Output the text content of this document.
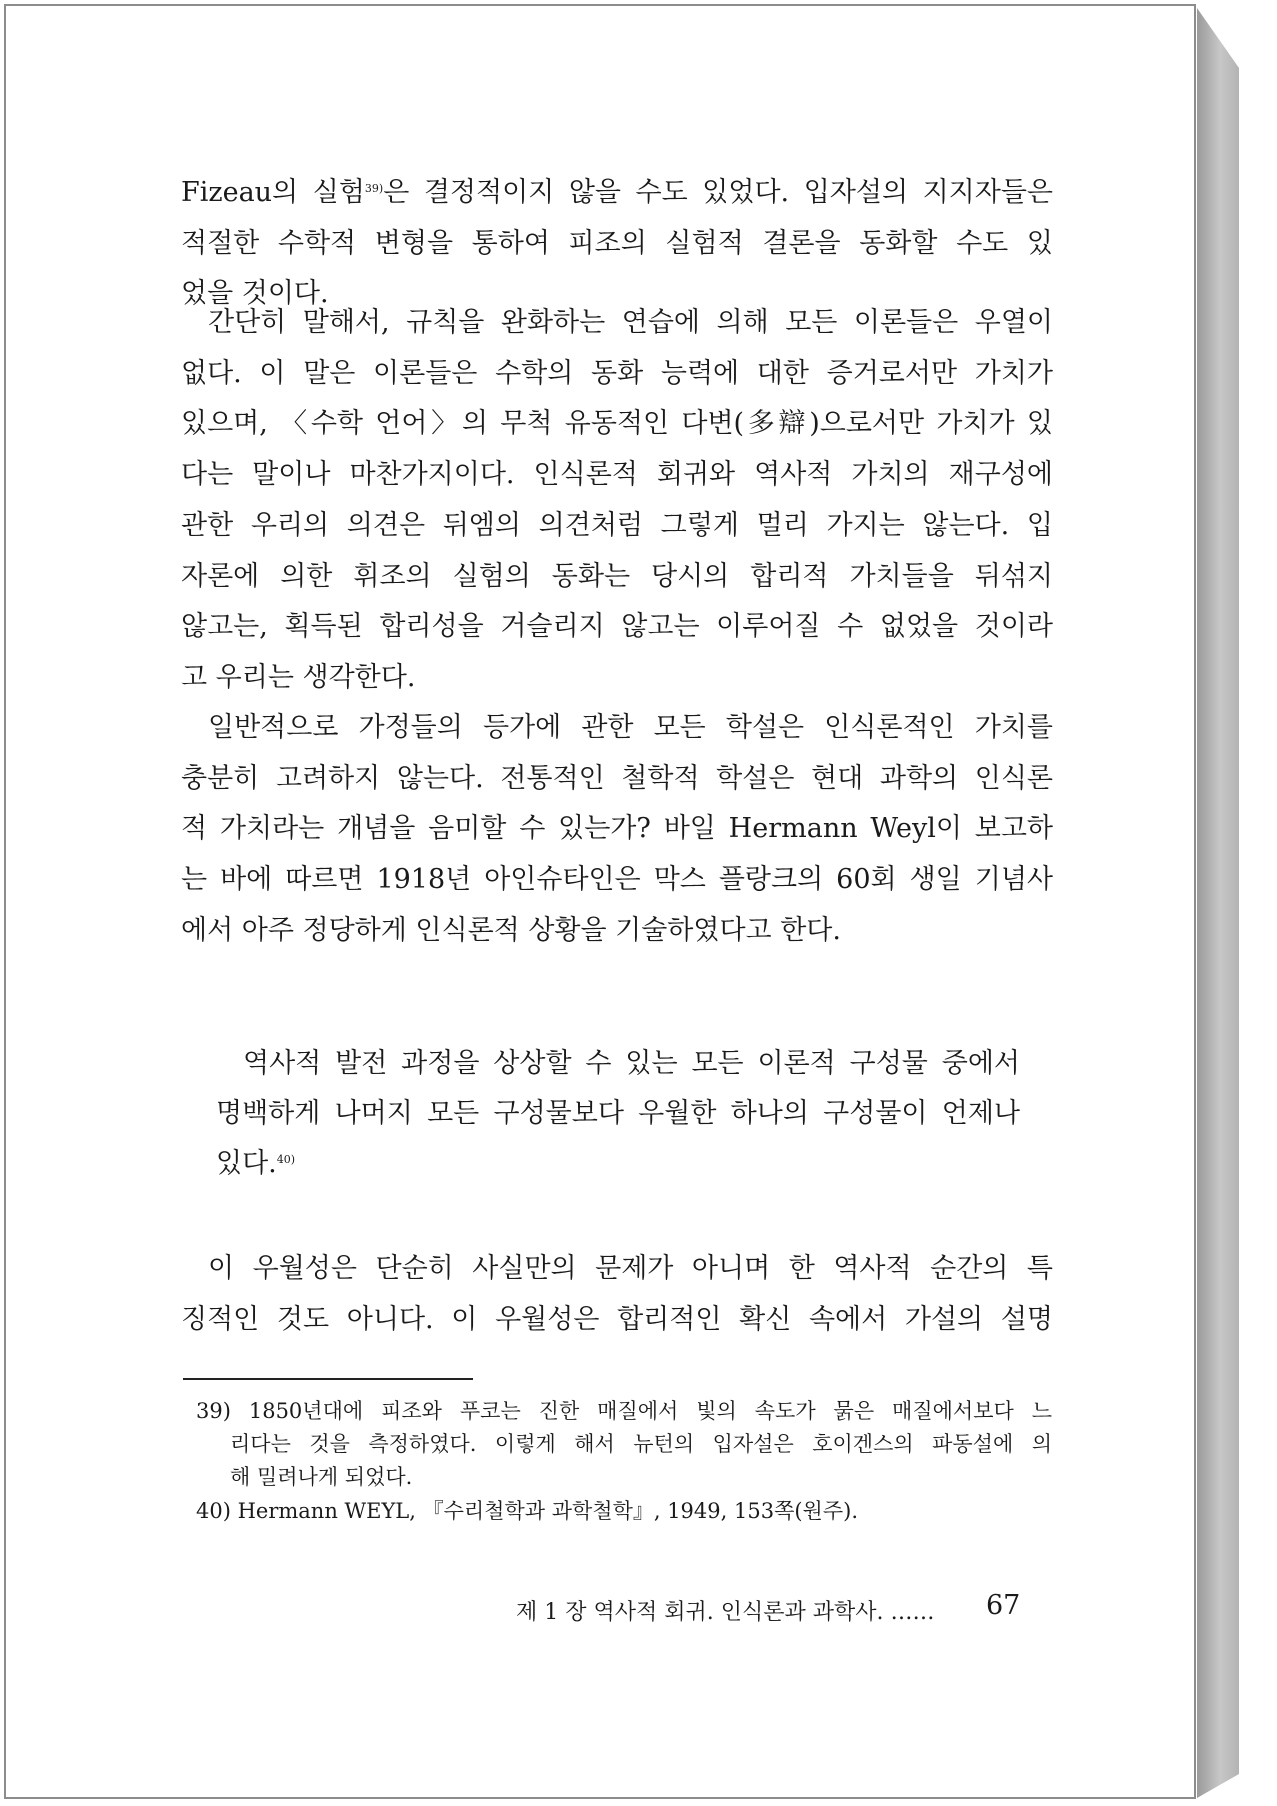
Fizeau의 실험$^{39)}$은 결정적이지 않을 수도 있었다. 입자설의 지지자들은
적절한 수학적 변형을 통하여 피조의 실험적 결론을 동화할 수도 있
었을 것이다.

간단히 말해서, 규칙을 완화하는 연습에 의해 모든 이론들은 우열이
없다. 이 말은 이론들은 수학의 동화 능력에 대한 증거로서만 가치가
있으며, 〈수학 언어〉의 무척 유동적인 다변(多辯)으로서만 가치가 있
다는 말이나 마찬가지이다. 인식론적 회귀와 역사적 가치의 재구성에
관한 우리의 의견은 뒤엠의 의견처럼 그렇게 멀리 가지는 않는다. 입
자론에 의한 휘조의 실험의 동화는 당시의 합리적 가치들을 뒤섞지
않고는, 획득된 합리성을 거슬리지 않고는 이루어질 수 없었을 것이라
고 우리는 생각한다.

일반적으로 가정들의 등가에 관한 모든 학설은 인식론적인 가치를
충분히 고려하지 않는다. 전통적인 철학적 학설은 현대 과학의 인식론
적 가치라는 개념을 음미할 수 있는가? 바일 Hermann Weyl이 보고하
는 바에 따르면 1918년 아인슈타인은 막스 플랑크의 60회 생일 기념사
에서 아주 정당하게 인식론적 상황을 기술하였다고 한다.

역사적 발전 과정을 상상할 수 있는 모든 이론적 구성물 중에서
명백하게 나머지 모든 구성물보다 우월한 하나의 구성물이 언제나
있다.$^{40)}$

이 우월성은 단순히 사실만의 문제가 아니며 한 역사적 순간의 특
징적인 것도 아니다. 이 우월성은 합리적인 확신 속에서 가설의 설명

39) 1850년대에 피조와 푸코는 진한 매질에서 빛의 속도가 묽은 매질에서보다 느
리다는 것을 측정하였다. 이렇게 해서 뉴턴의 입자설은 호이겐스의 파동설에 의
해 밀려나게 되었다.

40) Hermann WEYL, 『수리철학과 과학철학』, 1949, 153쪽(원주).

제 1 장 역사적 회귀. 인식론과 과학사. …… 67
